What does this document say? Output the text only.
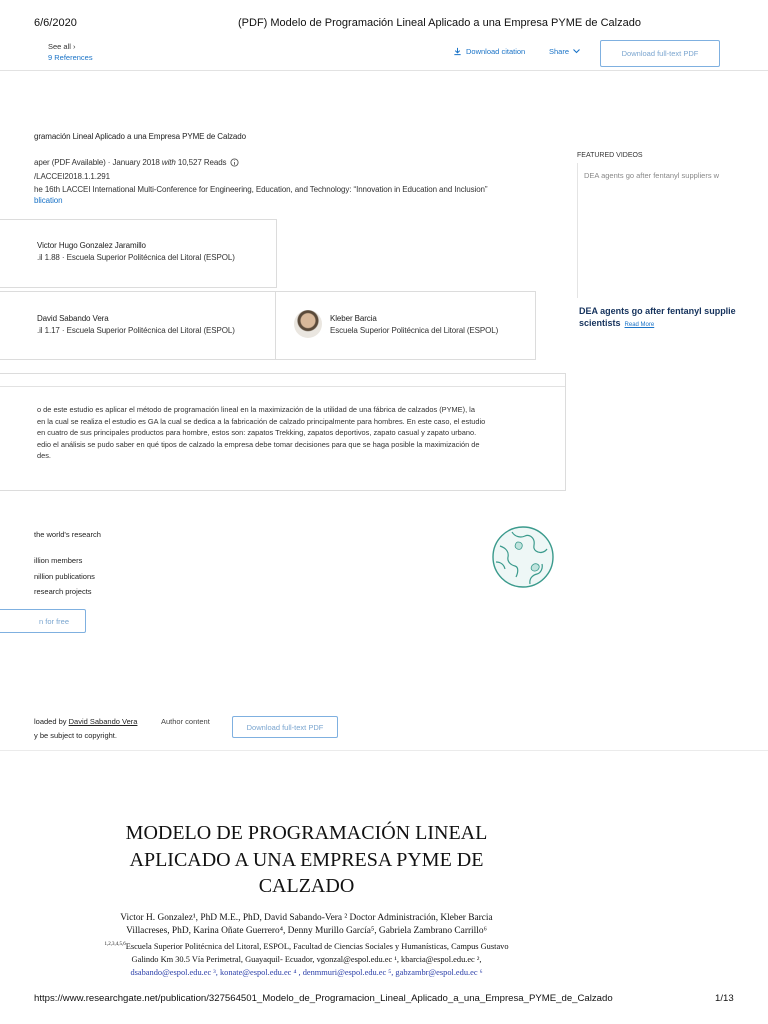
6/6/2020	(PDF) Modelo de Programación Lineal Aplicado a una Empresa PYME de Calzado
See all ›
9 References
Download citation	Share	Download full-text PDF
gramación Lineal Aplicado a una Empresa PYME de Calzado
aper (PDF Available) · January 2018 with 10,527 Reads
/LACCEI2018.1.1.291
he 16th LACCEI International Multi-Conference for Engineering, Education, and Technology: “Innovation in Education and Inclusion”
blication
Victor Hugo Gonzalez Jaramillo
.il 1.88 · Escuela Superior Politécnica del Litoral (ESPOL)
David Sabando Vera
.il 1.17 · Escuela Superior Politécnica del Litoral (ESPOL)
Kleber Barcia
Escuela Superior Politécnica del Litoral (ESPOL)
FEATURED VIDEOS
DEA agents go after fentanyl suppliers w
DEA agents go after fentanyl supplie
scientists Read More
o de este estudio es aplicar el método de programación lineal en la maximización de la utilidad de una fábrica de calzados (PYME), la
en la cual se realiza el estudio es GA la cual se dedica a la fabricación de calzado principalmente para hombres. En este caso, el estudio
en cuatro de sus principales productos para hombre, estos son: zapatos Trekking, zapatos deportivos, zapato casual y zapato urbano.
edio el análisis se pudo saber en qué tipos de calzado la empresa debe tomar decisiones para que se haga posible la maximización de
des.
the world's research
illion members
nillion publications
research projects
n for free
loaded by David Sabando Vera	Author content
y be subject to copyright.
Download full-text PDF
MODELO DE PROGRAMACIÓN LINEAL
APLICADO A UNA EMPRESA PYME DE
CALZADO
Victor H. Gonzalez¹, PhD M.E., PhD, David Sabando-Vera ² Doctor Administración, Kleber Barcia
Villacreses, PhD, Karina Oñate Guerrero⁴, Denny Murillo García⁵, Gabriela Zambrano Carrillo⁶
$^{1,2,3,4,5,6}$Escuela Superior Politécnica del Litoral, ESPOL, Facultad de Ciencias Sociales y Humanísticas, Campus Gustavo
Galindo Km 30.5 Vía Perimetral, Guayaquil- Ecuador, vgonzal@espol.edu.ec ¹, kbarcia@espol.edu.ec ²,
dsabando@espol.edu.ec ³, konate@espol.edu.ec ⁴ , denmmuri@espol.edu.ec ⁵, gabzambr@espol.edu.ec ⁶
https://www.researchgate.net/publication/327564501_Modelo_de_Programacion_Lineal_Aplicado_a_una_Empresa_PYME_de_Calzado	1/13
